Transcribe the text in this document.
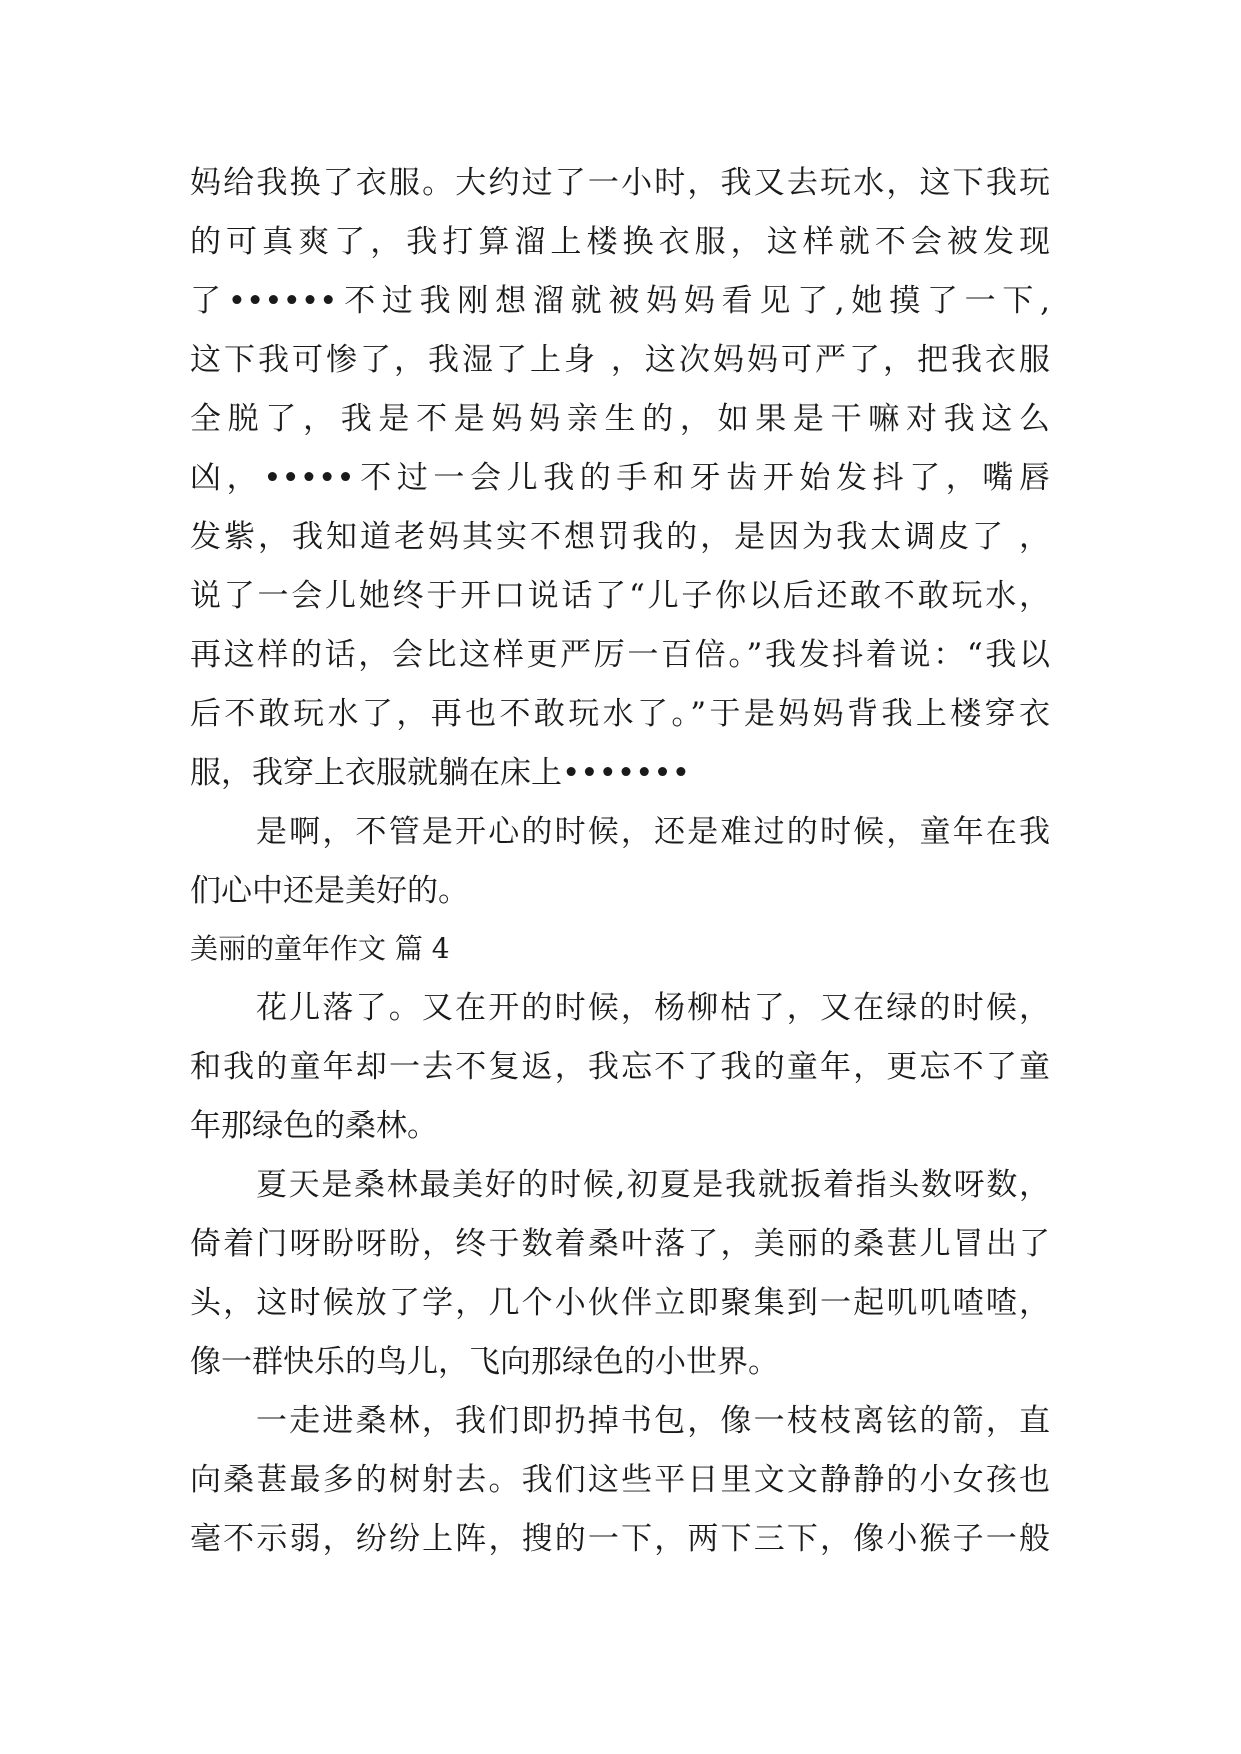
妈给我换了衣服。大约过了一小时，我又去玩水，这下我玩
的可真爽了，我打算溜上楼换衣服，这样就不会被发现
了••••••不过我刚想溜就被妈妈看见了,她摸了一下,
这下我可惨了，我湿了上身 ，这次妈妈可严了，把我衣服
全脱了，我是不是妈妈亲生的，如果是干嘛对我这么
凶，•••••不过一会儿我的手和牙齿开始发抖了，嘴唇
发紫，我知道老妈其实不想罚我的，是因为我太调皮了 ，
说了一会儿她终于开口说话了“儿子你以后还敢不敢玩水，
再这样的话，会比这样更严厉一百倍。”我发抖着说：“我以
后不敢玩水了，再也不敢玩水了。”于是妈妈背我上楼穿衣
服，我穿上衣服就躺在床上•••••••
是啊，不管是开心的时候，还是难过的时候，童年在我
们心中还是美好的。
美丽的童年作文 篇 4
花儿落了。又在开的时候，杨柳枯了，又在绿的时候，
和我的童年却一去不复返，我忘不了我的童年，更忘不了童
年那绿色的桑林。
夏天是桑林最美好的时候,初夏是我就扳着指头数呀数，
倚着门呀盼呀盼，终于数着桑叶落了，美丽的桑葚儿冒出了
头，这时候放了学，几个小伙伴立即聚集到一起叽叽喳喳，
像一群快乐的鸟儿，飞向那绿色的小世界。
一走进桑林，我们即扔掉书包，像一枝枝离铉的箭，直
向桑葚最多的树射去。我们这些平日里文文静静的小女孩也
毫不示弱，纷纷上阵，搜的一下，两下三下，像小猴子一般
